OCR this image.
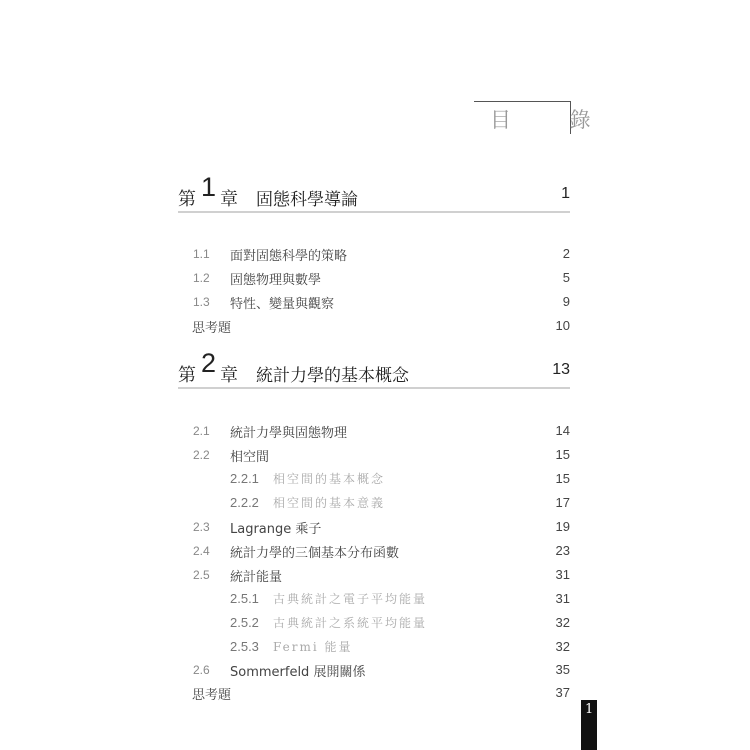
目 錄
第 1 章 固態科學導論	1
1.1 面對固態科學的策略	2
1.2 固態物理與數學	5
1.3 特性、變量與觀察	9
思考題	10
第 2 章 統計力學的基本概念	13
2.1 統計力學與固態物理	14
2.2 相空間	15
2.2.1 相空間的基本概念	15
2.2.2 相空間的基本意義	17
2.3 Lagrange 乘子	19
2.4 統計力學的三個基本分布函數	23
2.5 統計能量	31
2.5.1 古典統計之電子平均能量	31
2.5.2 古典統計之系統平均能量	32
2.5.3 Fermi 能量	32
2.6 Sommerfeld 展開關係	35
思考題	37
1
